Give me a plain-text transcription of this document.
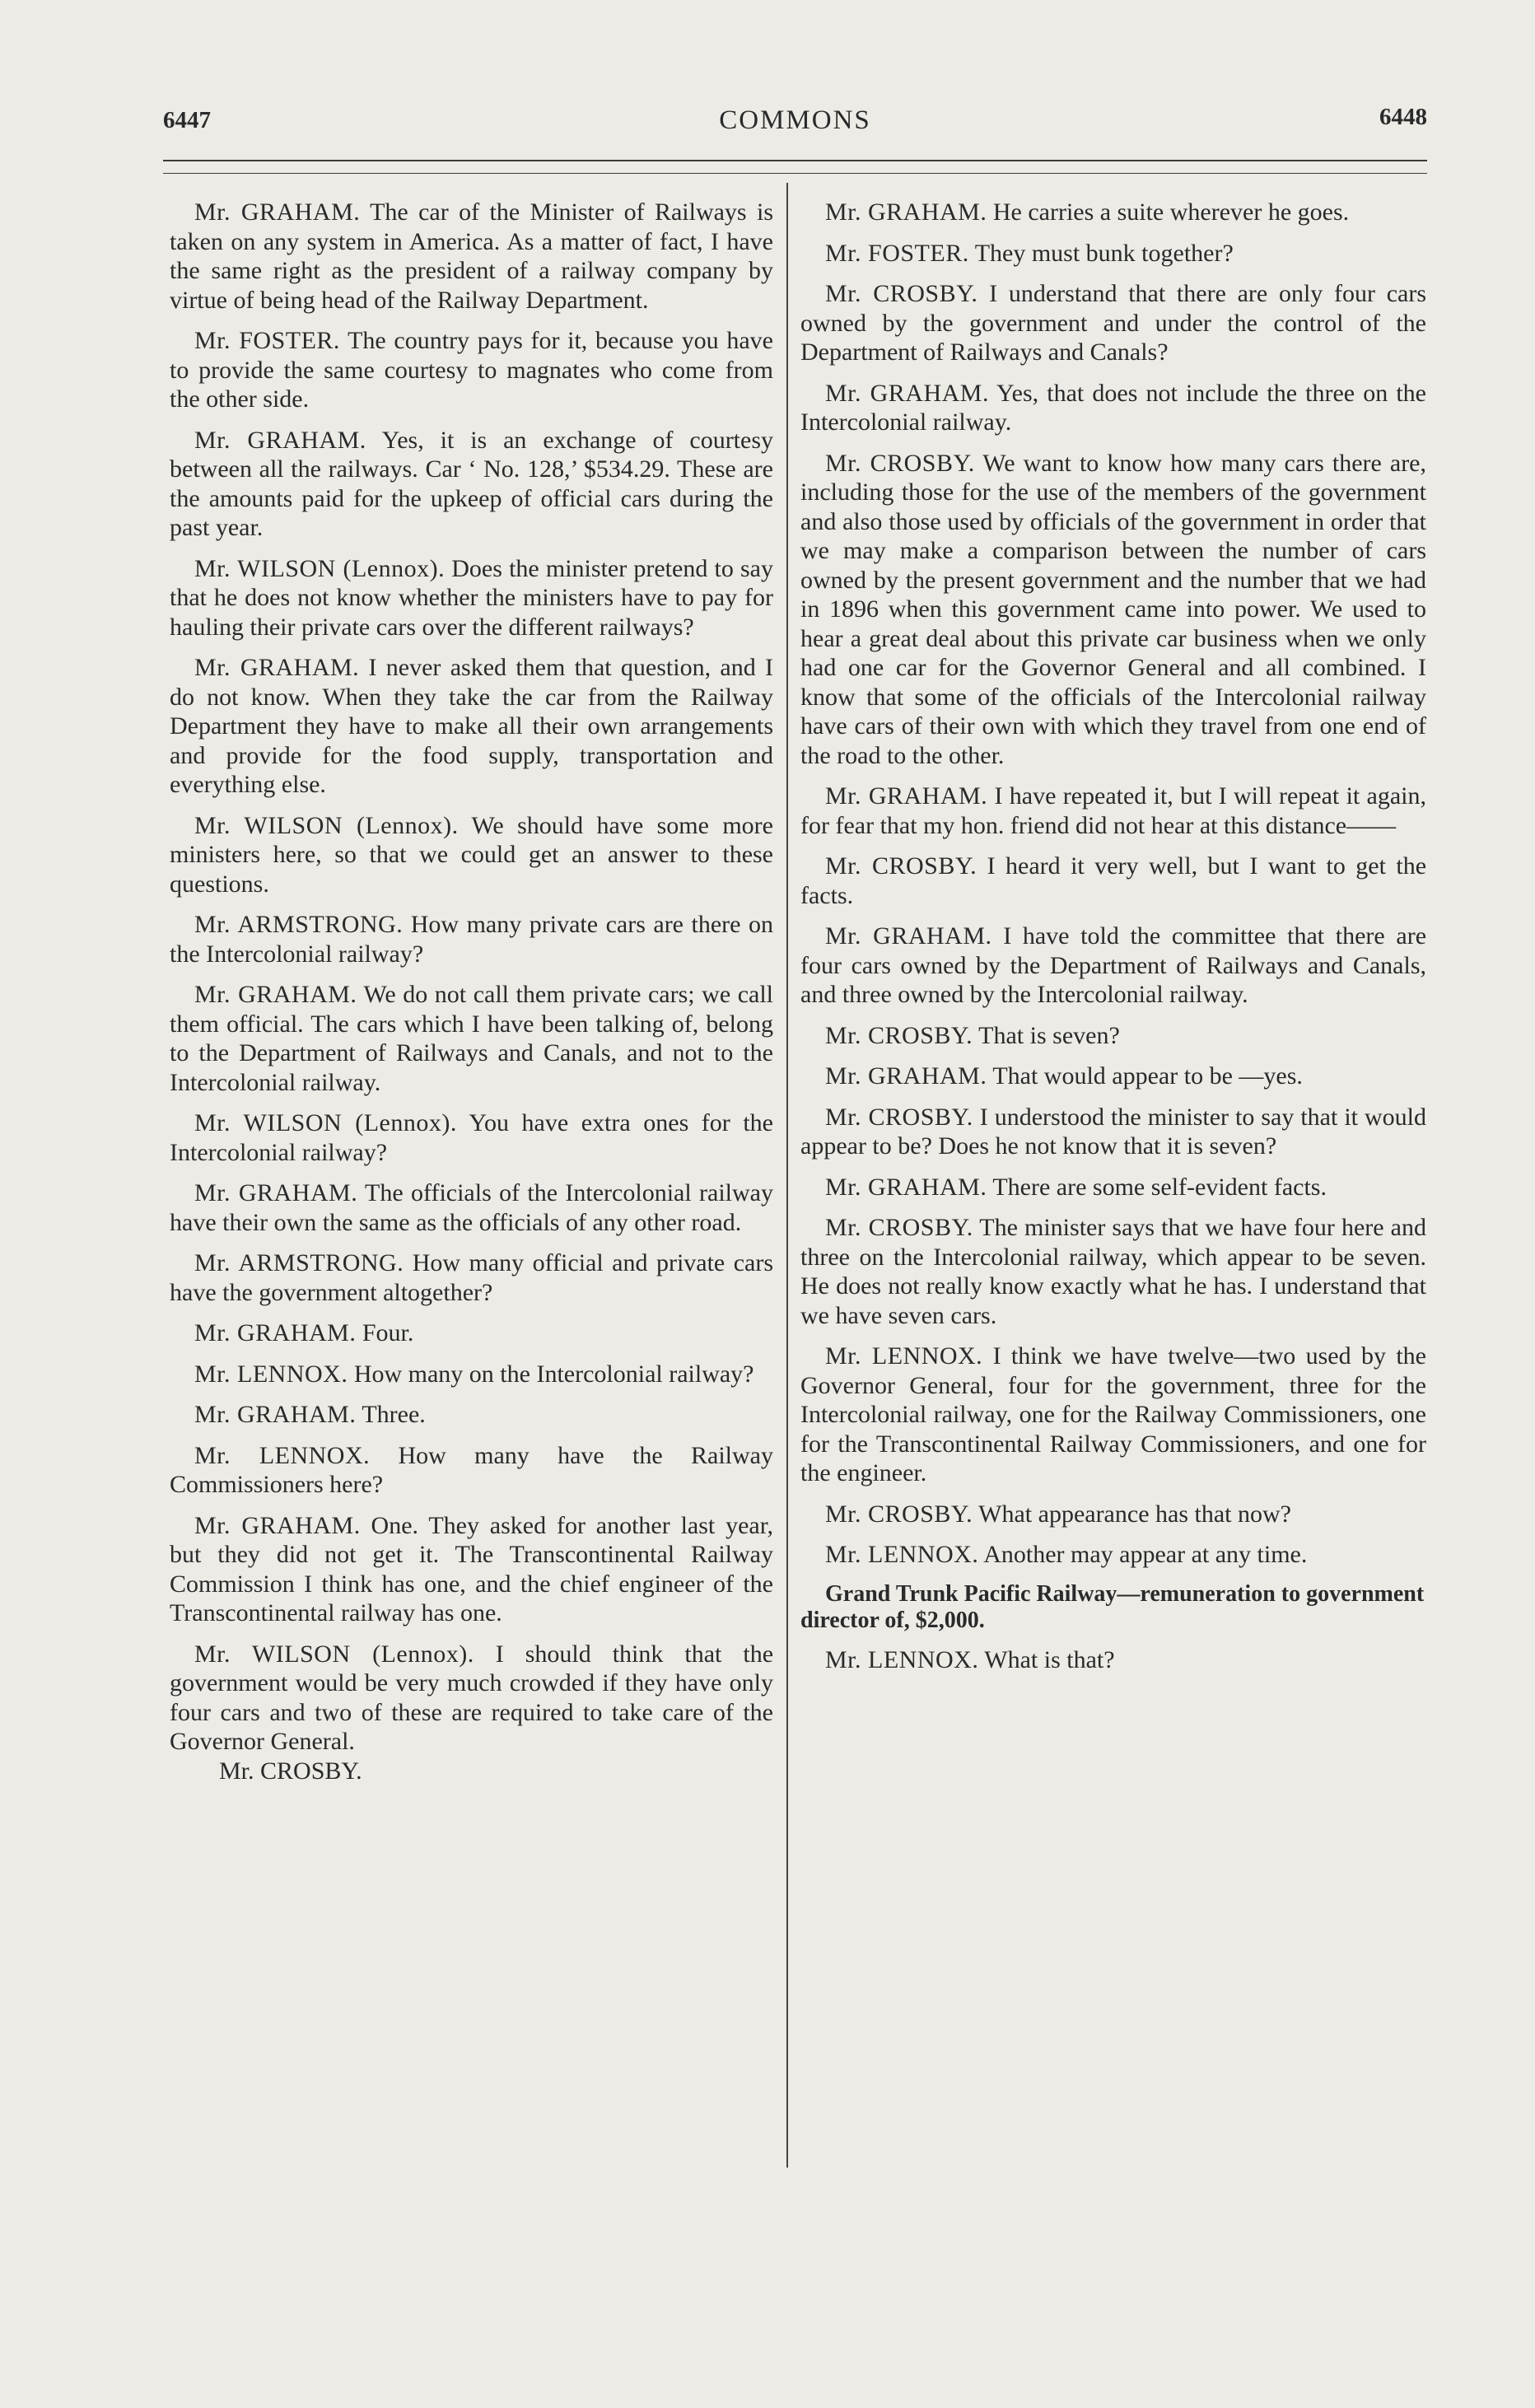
6447	COMMONS	6448

Mr. GRAHAM. The car of the Minister of Railways is taken on any system in America. As a matter of fact, I have the same right as the president of a railway company by virtue of being head of the Railway Department.

Mr. FOSTER. The country pays for it, because you have to provide the same courtesy to magnates who come from the other side.

Mr. GRAHAM. Yes, it is an exchange of courtesy between all the railways. Car ‘ No. 128,’ $534.29. These are the amounts paid for the upkeep of official cars during the past year.

Mr. WILSON (Lennox). Does the minister pretend to say that he does not know whether the ministers have to pay for hauling their private cars over the different railways?

Mr. GRAHAM. I never asked them that question, and I do not know. When they take the car from the Railway Department they have to make all their own arrangements and provide for the food supply, transportation and everything else.

Mr. WILSON (Lennox). We should have some more ministers here, so that we could get an answer to these questions.

Mr. ARMSTRONG. How many private cars are there on the Intercolonial railway?

Mr. GRAHAM. We do not call them private cars; we call them official. The cars which I have been talking of, belong to the Department of Railways and Canals, and not to the Intercolonial railway.

Mr. WILSON (Lennox). You have extra ones for the Intercolonial railway?

Mr. GRAHAM. The officials of the Intercolonial railway have their own the same as the officials of any other road.

Mr. ARMSTRONG. How many official and private cars have the government altogether?

Mr. GRAHAM. Four.

Mr. LENNOX. How many on the Intercolonial railway?

Mr. GRAHAM. Three.

Mr. LENNOX. How many have the Railway Commissioners here?

Mr. GRAHAM. One. They asked for another last year, but they did not get it. The Transcontinental Railway Commission I think has one, and the chief engineer of the Transcontinental railway has one.

Mr. WILSON (Lennox). I should think that the government would be very much crowded if they have only four cars and two of these are required to take care of the Governor General.

Mr. CROSBY.

Mr. GRAHAM. He carries a suite wherever he goes.

Mr. FOSTER. They must bunk together?

Mr. CROSBY. I understand that there are only four cars owned by the government and under the control of the Department of Railways and Canals?

Mr. GRAHAM. Yes, that does not include the three on the Intercolonial railway.

Mr. CROSBY. We want to know how many cars there are, including those for the use of the members of the government and also those used by officials of the government in order that we may make a comparison between the number of cars owned by the present government and the number that we had in 1896 when this government came into power. We used to hear a great deal about this private car business when we only had one car for the Governor General and all combined. I know that some of the officials of the Intercolonial railway have cars of their own with which they travel from one end of the road to the other.

Mr. GRAHAM. I have repeated it, but I will repeat it again, for fear that my hon. friend did not hear at this distance——

Mr. CROSBY. I heard it very well, but I want to get the facts.

Mr. GRAHAM. I have told the committee that there are four cars owned by the Department of Railways and Canals, and three owned by the Intercolonial railway.

Mr. CROSBY. That is seven?

Mr. GRAHAM. That would appear to be —yes.

Mr. CROSBY. I understood the minister to say that it would appear to be? Does he not know that it is seven?

Mr. GRAHAM. There are some self-evident facts.

Mr. CROSBY. The minister says that we have four here and three on the Intercolonial railway, which appear to be seven. He does not really know exactly what he has. I understand that we have seven cars.

Mr. LENNOX. I think we have twelve—two used by the Governor General, four for the government, three for the Intercolonial railway, one for the Railway Commissioners, one for the Transcontinental Railway Commissioners, and one for the engineer.

Mr. CROSBY. What appearance has that now?

Mr. LENNOX. Another may appear at any time.

Grand Trunk Pacific Railway—remuneration to government director of, $2,000.

Mr. LENNOX. What is that?
